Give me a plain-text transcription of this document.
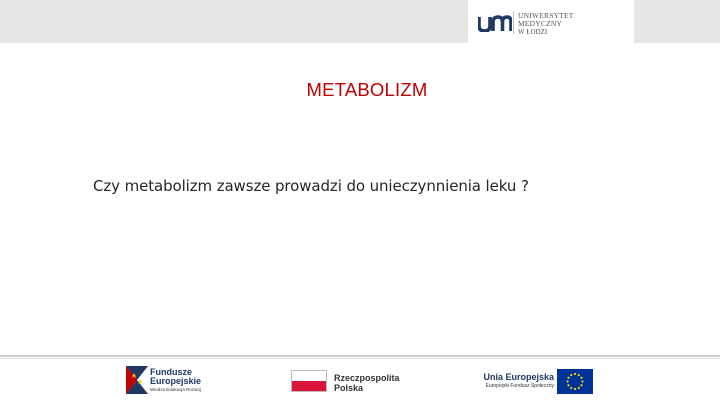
UNIWERSYTET
MEDYCZNY
W ŁODZI
METABOLIZM
Czy metabolizm zawsze prowadzi do unieczynnienia leku ?
Fundusze
Europejskie
Wiedza Edukacja Rozwój
Rzeczpospolita
Polska
Unia Europejska
Europejski Fundusz Społeczny
